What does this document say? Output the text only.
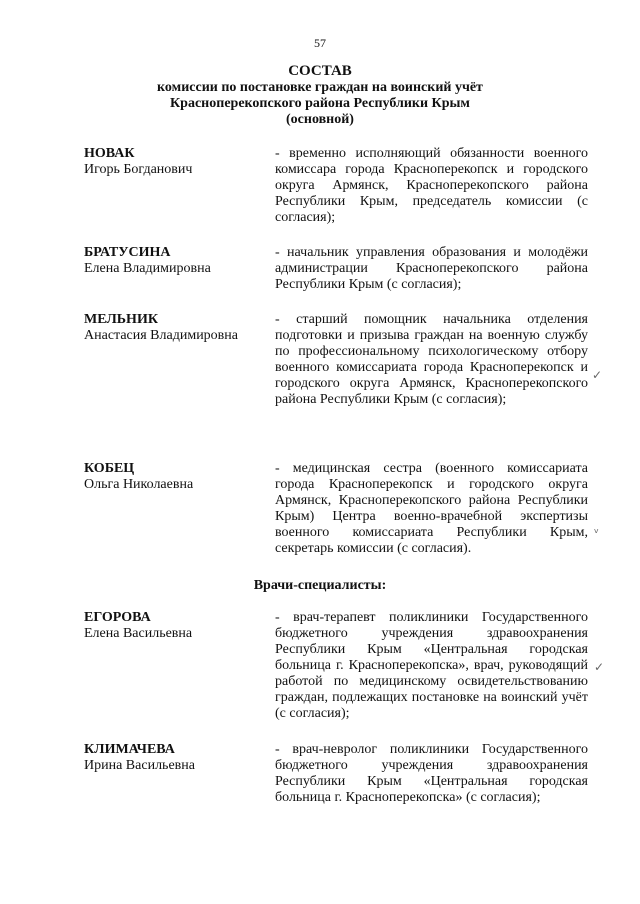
57
СОСТАВ
комиссии по постановке граждан на воинский учёт
Красноперекопского района Республики Крым
(основной)
НОВАК
Игорь Богданович
- временно исполняющий обязанности военного комиссара города Красноперекопск и городского округа Армянск, Красноперекопского района Республики Крым, председатель комиссии (с согласия);
БРАТУСИНА
Елена Владимировна
- начальник управления образования и молодёжи администрации Красноперекопского района Республики Крым (с согласия);
МЕЛЬНИК
Анастасия Владимировна
- старший помощник начальника отделения подготовки и призыва граждан на военную службу по профессиональному психологическому отбору военного комиссариата города Красноперекопск и городского округа Армянск, Красноперекопского района Республики Крым (с согласия);
КОБЕЦ
Ольга Николаевна
- медицинская сестра (военного комиссариата города Красноперекопск и городского округа Армянск, Красноперекопского района Республики Крым) Центра военно-врачебной экспертизы военного комиссариата Республики Крым, секретарь комиссии (с согласия).
Врачи-специалисты:
ЕГОРОВА
Елена Васильевна
- врач-терапевт поликлиники Государственного бюджетного учреждения здравоохранения Республики Крым «Центральная городская больница г. Красноперекопска», врач, руководящий работой по медицинскому освидетельствованию граждан, подлежащих постановке на воинский учёт (с согласия);
КЛИМАЧЕВА
Ирина Васильевна
- врач-невролог поликлиники Государственного бюджетного учреждения здравоохранения Республики Крым «Центральная городская больница г. Красноперекопска» (с согласия);
✓
ᵥ
✓
